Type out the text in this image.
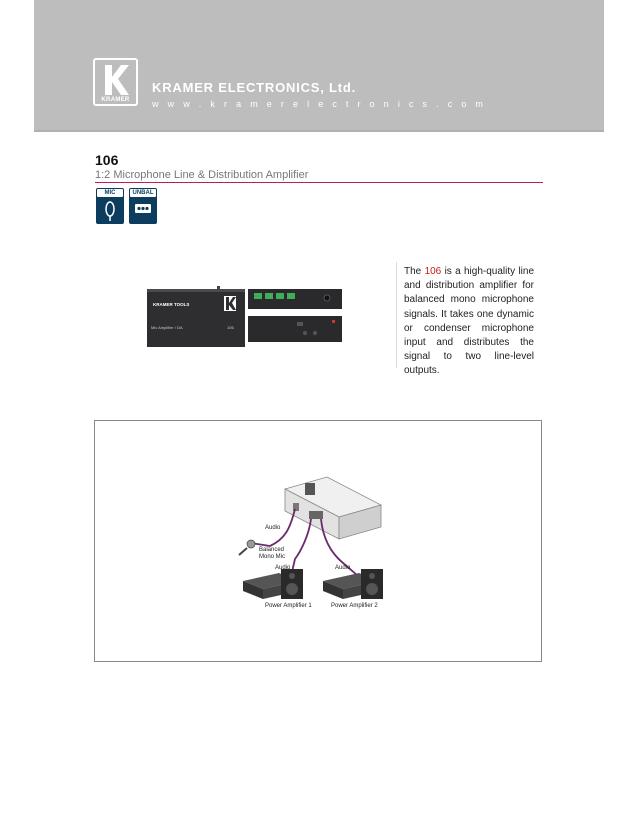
KRAMER
KRAMER ELECTRONICS, Ltd.
w w w . k r a m e r e l e c t r o n i c s . c o m
106
1:2 Microphone Line & Distribution Amplifier
MIC	UNBAL
KRAMER TOOLS
Mic Amplifier / DA	106
The 106 is a high-quality line and distribution amplifier for balanced mono microphone signals. It takes one dynamic or condenser microphone input and distributes the signal to two line-level outputs.
Audio
Balanced
Mono Mic
Audio	Audio
Power Amplifier 1	Power Amplifier 2
